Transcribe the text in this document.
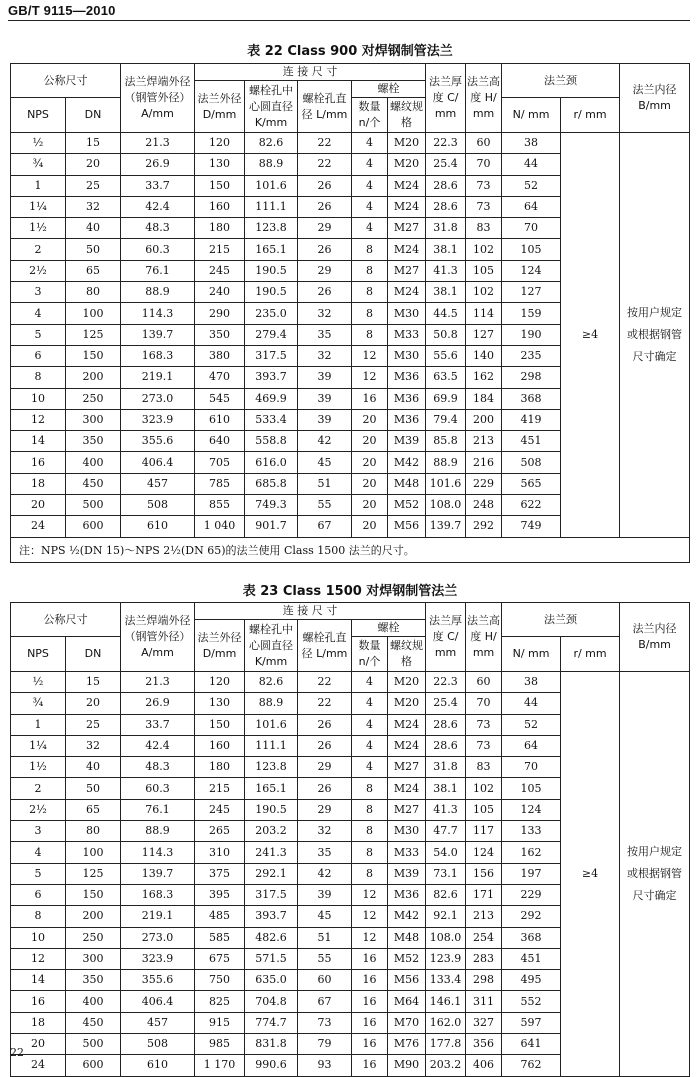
GB/T 9115—2010
表 22 Class 900 对焊钢制管法兰
公称尺寸		法兰焊端外径（钢管外径）A/mm	连 接 尺 寸					法兰厚度 C/ mm	法兰高度 H/ mm	法兰颈		法兰内径 B/mm
			法兰外径 D/mm	螺栓孔中心圆直径 K/mm	螺栓孔直径 L/mm	螺栓						
NPS	DN					数量 n/个	螺纹规格			N/ mm	r/ mm	
½	15	21.3	120	82.6	22	4	M20	22.3	60	38	≥4	按用户规定或根据钢管尺寸确定
¾	20	26.9	130	88.9	22	4	M20	25.4	70	44		
1	25	33.7	150	101.6	26	4	M24	28.6	73	52		
1¼	32	42.4	160	111.1	26	4	M24	28.6	73	64		
1½	40	48.3	180	123.8	29	4	M27	31.8	83	70		
2	50	60.3	215	165.1	26	8	M24	38.1	102	105		
2½	65	76.1	245	190.5	29	8	M27	41.3	105	124		
3	80	88.9	240	190.5	26	8	M24	38.1	102	127		
4	100	114.3	290	235.0	32	8	M30	44.5	114	159		
5	125	139.7	350	279.4	35	8	M33	50.8	127	190		
6	150	168.3	380	317.5	32	12	M30	55.6	140	235		
8	200	219.1	470	393.7	39	12	M36	63.5	162	298		
10	250	273.0	545	469.9	39	16	M36	69.9	184	368		
12	300	323.9	610	533.4	39	20	M36	79.4	200	419		
14	350	355.6	640	558.8	42	20	M39	85.8	213	451		
16	400	406.4	705	616.0	45	20	M42	88.9	216	508		
18	450	457	785	685.8	51	20	M48	101.6	229	565		
20	500	508	855	749.3	55	20	M52	108.0	248	622		
24	600	610	1 040	901.7	67	20	M56	139.7	292	749		
注：NPS ½(DN 15)～NPS 2½(DN 65)的法兰使用 Class 1500 法兰的尺寸。												
表 23 Class 1500 对焊钢制管法兰
公称尺寸		法兰焊端外径（钢管外径）A/mm	连 接 尺 寸					法兰厚度 C/ mm	法兰高度 H/ mm	法兰颈		法兰内径 B/mm
			法兰外径 D/mm	螺栓孔中心圆直径 K/mm	螺栓孔直径 L/mm	螺栓						
NPS	DN					数量 n/个	螺纹规格			N/ mm	r/ mm	
½	15	21.3	120	82.6	22	4	M20	22.3	60	38	≥4	按用户规定或根据钢管尺寸确定
¾	20	26.9	130	88.9	22	4	M20	25.4	70	44		
1	25	33.7	150	101.6	26	4	M24	28.6	73	52		
1¼	32	42.4	160	111.1	26	4	M24	28.6	73	64		
1½	40	48.3	180	123.8	29	4	M27	31.8	83	70		
2	50	60.3	215	165.1	26	8	M24	38.1	102	105		
2½	65	76.1	245	190.5	29	8	M27	41.3	105	124		
3	80	88.9	265	203.2	32	8	M30	47.7	117	133		
4	100	114.3	310	241.3	35	8	M33	54.0	124	162		
5	125	139.7	375	292.1	42	8	M39	73.1	156	197		
6	150	168.3	395	317.5	39	12	M36	82.6	171	229		
8	200	219.1	485	393.7	45	12	M42	92.1	213	292		
10	250	273.0	585	482.6	51	12	M48	108.0	254	368		
12	300	323.9	675	571.5	55	16	M52	123.9	283	451		
14	350	355.6	750	635.0	60	16	M56	133.4	298	495		
16	400	406.4	825	704.8	67	16	M64	146.1	311	552		
18	450	457	915	774.7	73	16	M70	162.0	327	597		
20	500	508	985	831.8	79	16	M76	177.8	356	641		
24	600	610	1 170	990.6	93	16	M90	203.2	406	762		
22
